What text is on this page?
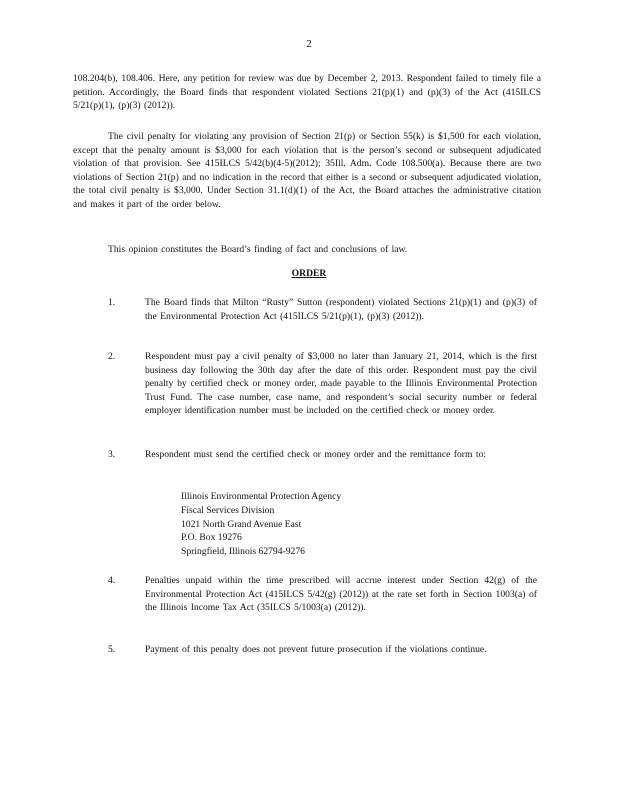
2
108.204(b), 108.406. Here, any petition for review was due by December 2, 2013. Respondent failed to timely file a petition. Accordingly, the Board finds that respondent violated Sections 21(p)(1) and (p)(3) of the Act (415ILCS 5/21(p)(1), (p)(3) (2012)).
The civil penalty for violating any provision of Section 21(p) or Section 55(k) is $1,500 for each violation, except that the penalty amount is $3,000 for each violation that is the person’s second or subsequent adjudicated violation of that provision. See 415ILCS 5/42(b)(4-5)(2012); 35Ill. Adm. Code 108.500(a). Because there are two violations of Section 21(p) and no indication in the record that either is a second or subsequent adjudicated violation, the total civil penalty is $3,000. Under Section 31.1(d)(1) of the Act, the Board attaches the administrative citation and makes it part of the order below.
This opinion constitutes the Board’s finding of fact and conclusions of law.
ORDER
1.	The Board finds that Milton “Rusty” Sutton (respondent) violated Sections 21(p)(1) and (p)(3) of the Environmental Protection Act (415ILCS 5/21(p)(1), (p)(3) (2012)).
2.	Respondent must pay a civil penalty of $3,000 no later than January 21, 2014, which is the first business day following the 30th day after the date of this order. Respondent must pay the civil penalty by certified check or money order, made payable to the Illinois Environmental Protection Trust Fund. The case number, case name, and respondent’s social security number or federal employer identification number must be included on the certified check or money order.
3.	Respondent must send the certified check or money order and the remittance form to:
Illinois Environmental Protection Agency
Fiscal Services Division
1021 North Grand Avenue East
P.O. Box 19276
Springfield, Illinois 62794-9276
4.	Penalties unpaid within the time prescribed will accrue interest under Section 42(g) of the Environmental Protection Act (415ILCS 5/42(g) (2012)) at the rate set forth in Section 1003(a) of the Illinois Income Tax Act (35ILCS 5/1003(a) (2012)).
5.	Payment of this penalty does not prevent future prosecution if the violations continue.
